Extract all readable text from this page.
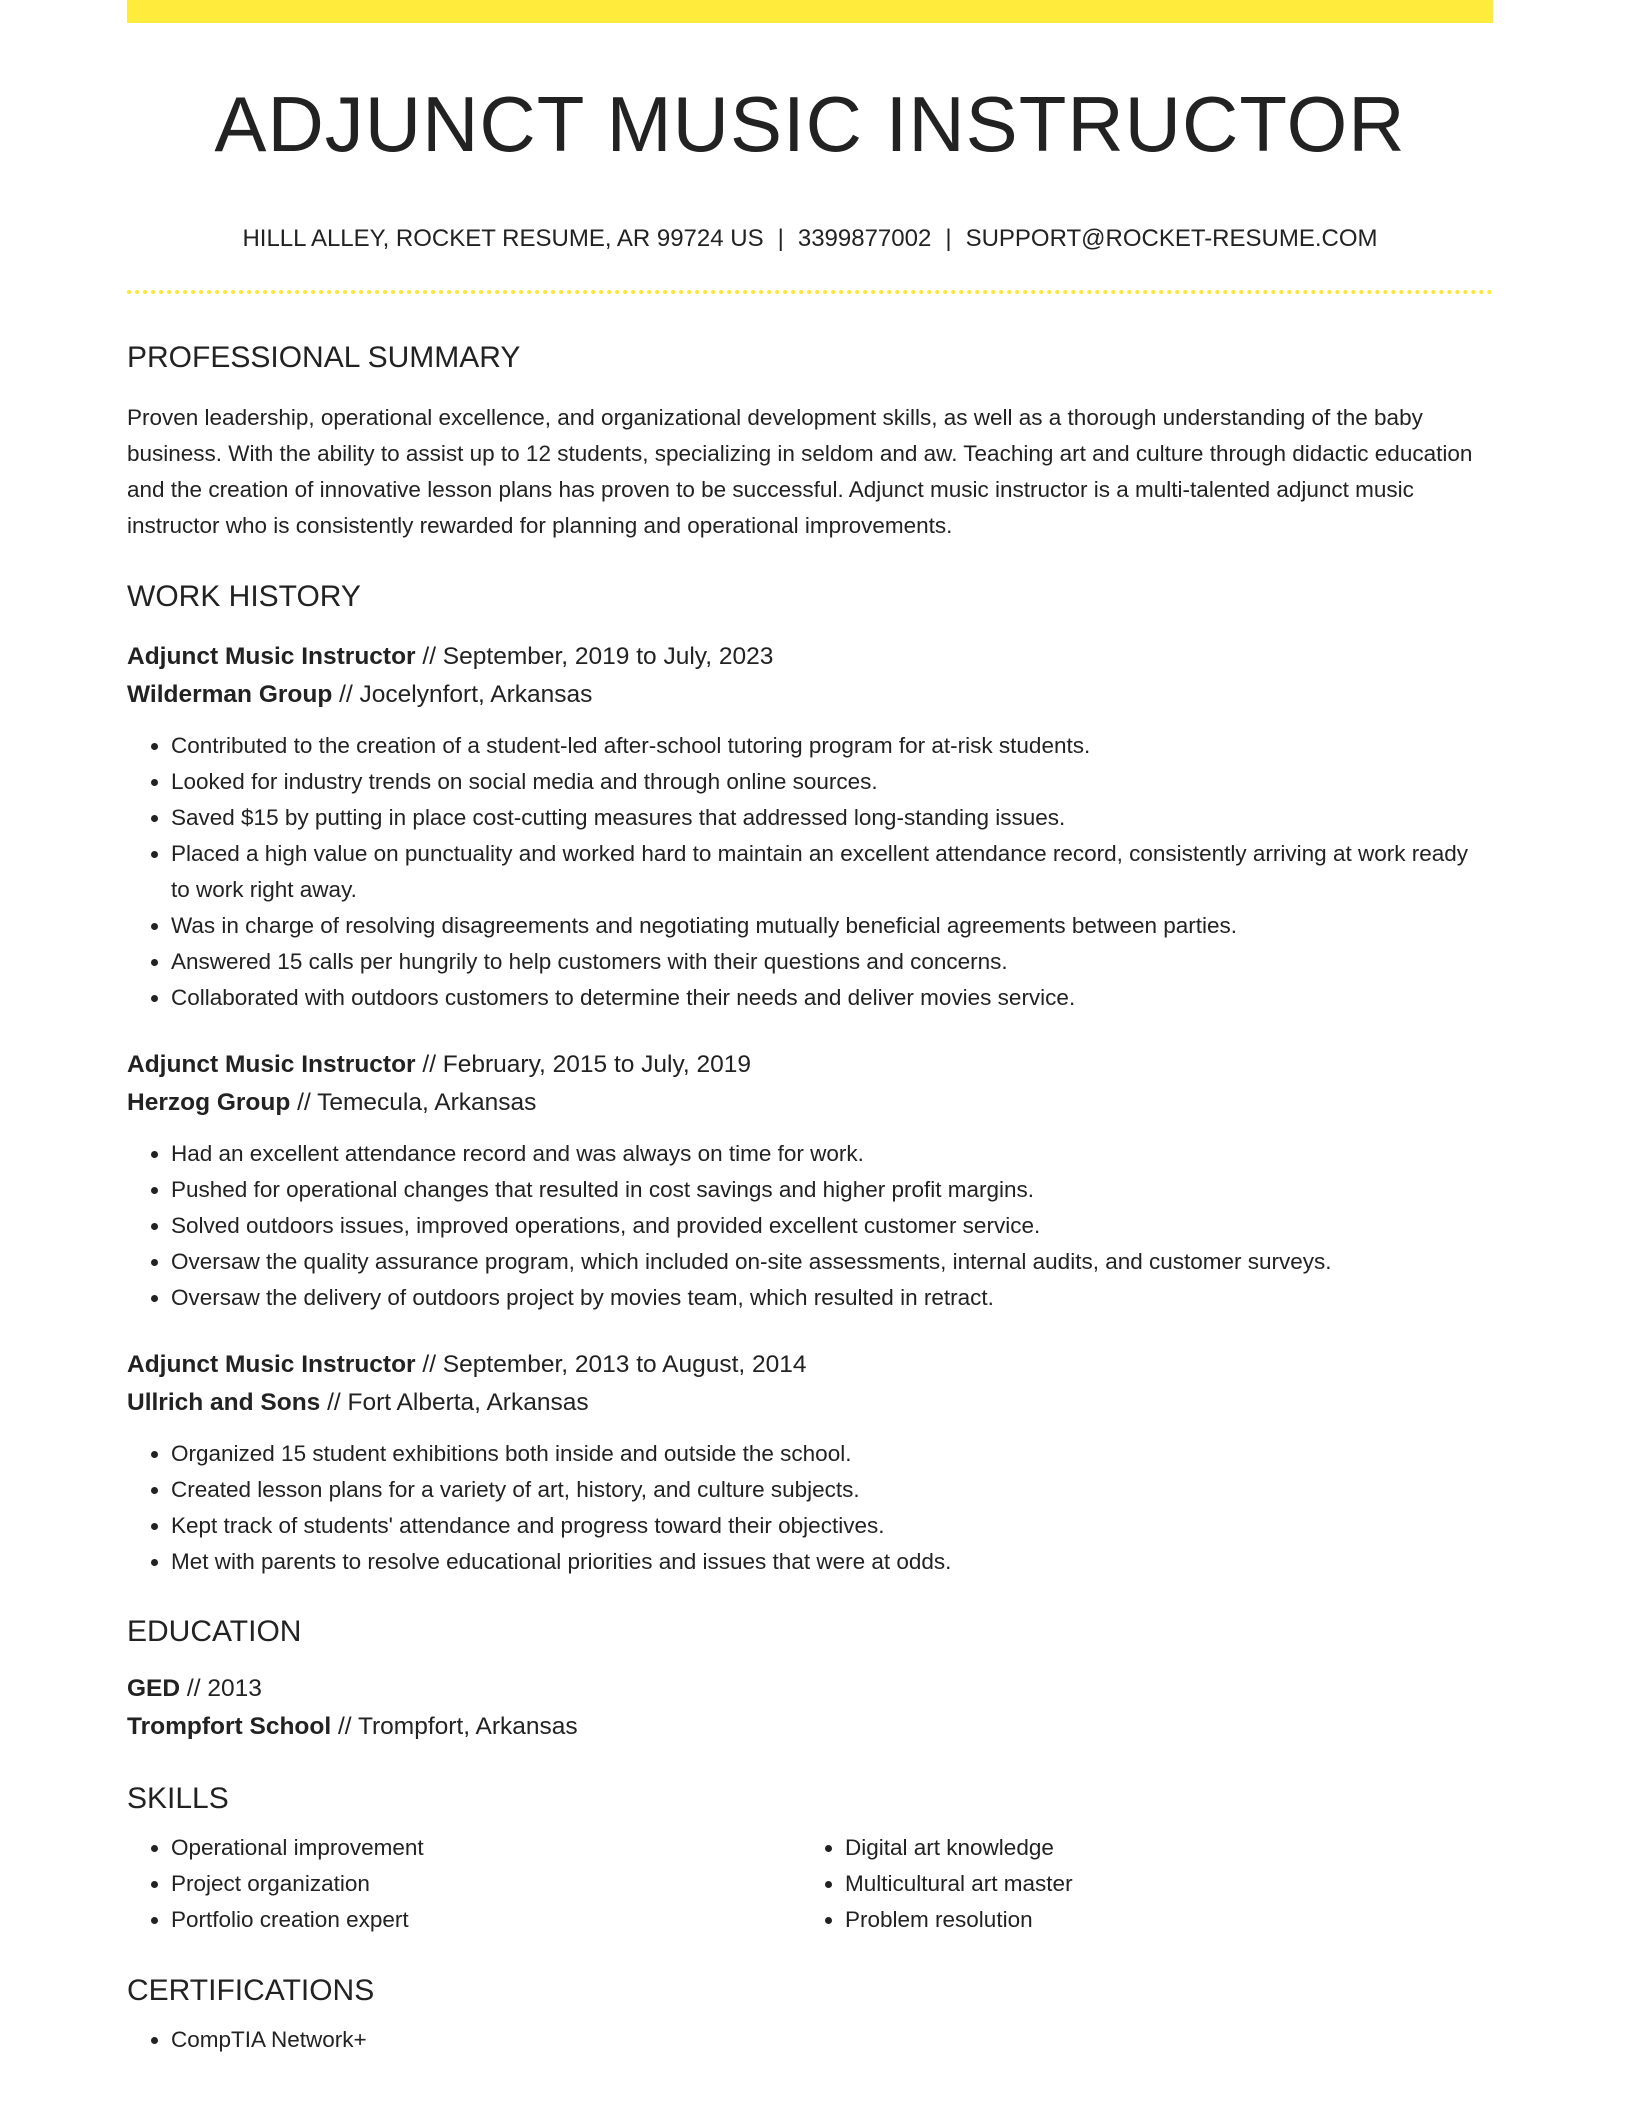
ADJUNCT MUSIC INSTRUCTOR
HILLL ALLEY, ROCKET RESUME, AR 99724 US | 3399877002 | SUPPORT@ROCKET-RESUME.COM
PROFESSIONAL SUMMARY
Proven leadership, operational excellence, and organizational development skills, as well as a thorough understanding of the baby business. With the ability to assist up to 12 students, specializing in seldom and aw. Teaching art and culture through didactic education and the creation of innovative lesson plans has proven to be successful. Adjunct music instructor is a multi-talented adjunct music instructor who is consistently rewarded for planning and operational improvements.
WORK HISTORY
Adjunct Music Instructor // September, 2019 to July, 2023
Wilderman Group // Jocelynfort, Arkansas
• Contributed to the creation of a student-led after-school tutoring program for at-risk students.
• Looked for industry trends on social media and through online sources.
• Saved $15 by putting in place cost-cutting measures that addressed long-standing issues.
• Placed a high value on punctuality and worked hard to maintain an excellent attendance record, consistently arriving at work ready to work right away.
• Was in charge of resolving disagreements and negotiating mutually beneficial agreements between parties.
• Answered 15 calls per hungrily to help customers with their questions and concerns.
• Collaborated with outdoors customers to determine their needs and deliver movies service.
Adjunct Music Instructor // February, 2015 to July, 2019
Herzog Group // Temecula, Arkansas
• Had an excellent attendance record and was always on time for work.
• Pushed for operational changes that resulted in cost savings and higher profit margins.
• Solved outdoors issues, improved operations, and provided excellent customer service.
• Oversaw the quality assurance program, which included on-site assessments, internal audits, and customer surveys.
• Oversaw the delivery of outdoors project by movies team, which resulted in retract.
Adjunct Music Instructor // September, 2013 to August, 2014
Ullrich and Sons // Fort Alberta, Arkansas
• Organized 15 student exhibitions both inside and outside the school.
• Created lesson plans for a variety of art, history, and culture subjects.
• Kept track of students' attendance and progress toward their objectives.
• Met with parents to resolve educational priorities and issues that were at odds.
EDUCATION
GED // 2013
Trompfort School // Trompfort, Arkansas
SKILLS
• Operational improvement
• Project organization
• Portfolio creation expert
• Digital art knowledge
• Multicultural art master
• Problem resolution
CERTIFICATIONS
• CompTIA Network+
